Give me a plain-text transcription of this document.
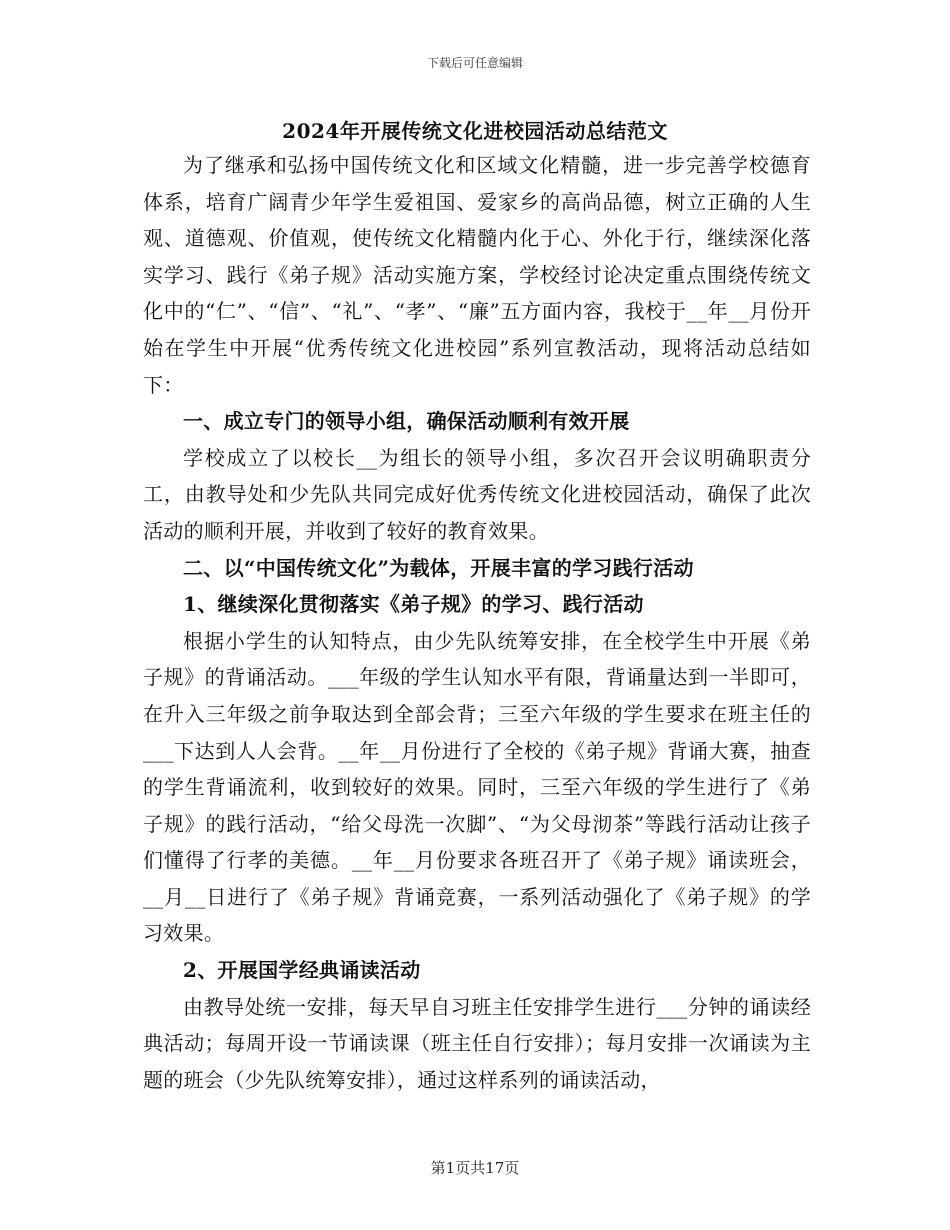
下载后可任意编辑
2024年开展传统文化进校园活动总结范文

为了继承和弘扬中国传统文化和区域文化精髓，进一步完善学校德育体系，培育广阔青少年学生爱祖国、爱家乡的高尚品德，树立正确的人生观、道德观、价值观，使传统文化精髓内化于心、外化于行，继续深化落实学习、践行《弟子规》活动实施方案，学校经讨论决定重点围绕传统文化中的“仁”、“信”、“礼”、“孝”、“廉”五方面内容，我校于__年__月份开始在学生中开展“优秀传统文化进校园”系列宣教活动，现将活动总结如下：

一、成立专门的领导小组，确保活动顺利有效开展

学校成立了以校长__为组长的领导小组，多次召开会议明确职责分工，由教导处和少先队共同完成好优秀传统文化进校园活动，确保了此次活动的顺利开展，并收到了较好的教育效果。

二、以“中国传统文化”为载体，开展丰富的学习践行活动

1、继续深化贯彻落实《弟子规》的学习、践行活动

根据小学生的认知特点，由少先队统筹安排，在全校学生中开展《弟子规》的背诵活动。___年级的学生认知水平有限，背诵量达到一半即可，在升入三年级之前争取达到全部会背；三至六年级的学生要求在班主任的___下达到人人会背。__年__月份进行了全校的《弟子规》背诵大赛，抽查的学生背诵流利，收到较好的效果。同时，三至六年级的学生进行了《弟子规》的践行活动，“给父母洗一次脚”、“为父母沏茶”等践行活动让孩子们懂得了行孝的美德。__年__月份要求各班召开了《弟子规》诵读班会，__月__日进行了《弟子规》背诵竞赛，一系列活动强化了《弟子规》的学习效果。

2、开展国学经典诵读活动

由教导处统一安排，每天早自习班主任安排学生进行___分钟的诵读经典活动；每周开设一节诵读课（班主任自行安排）；每月安排一次诵读为主题的班会（少先队统筹安排），通过这样系列的诵读活动，

第1页共17页
